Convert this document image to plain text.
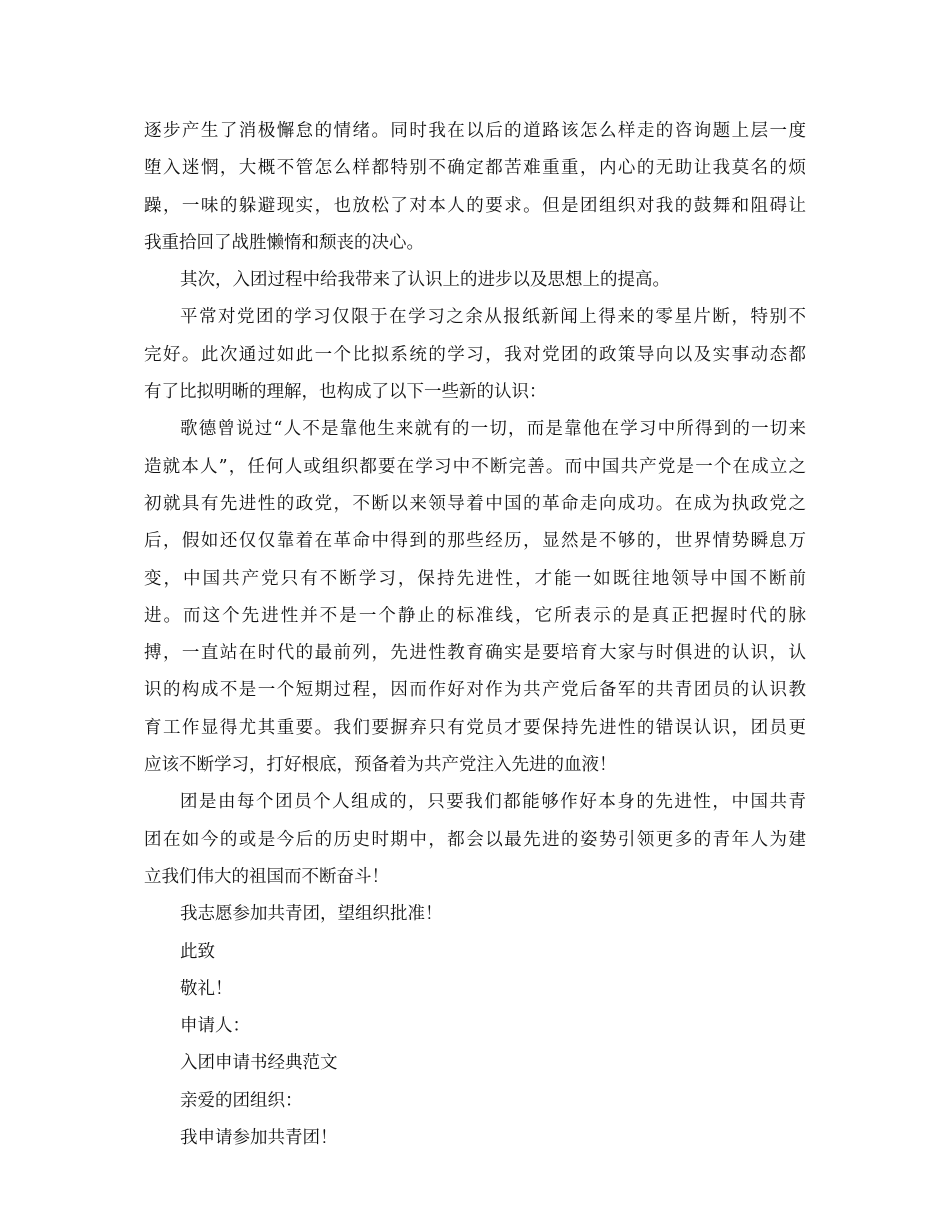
逐步产生了消极懈怠的情绪。同时我在以后的道路该怎么样走的咨询题上层一度
堕入迷惘，大概不管怎么样都特别不确定都苦难重重，内心的无助让我莫名的烦
躁，一味的躲避现实，也放松了对本人的要求。但是团组织对我的鼓舞和阻碍让
我重拾回了战胜懒惰和颓丧的决心。
其次，入团过程中给我带来了认识上的进步以及思想上的提高。
平常对党团的学习仅限于在学习之余从报纸新闻上得来的零星片断，特别不
完好。此次通过如此一个比拟系统的学习，我对党团的政策导向以及实事动态都
有了比拟明晰的理解，也构成了以下一些新的认识：
歌德曾说过“人不是靠他生来就有的一切，而是靠他在学习中所得到的一切来
造就本人”，任何人或组织都要在学习中不断完善。而中国共产党是一个在成立之
初就具有先进性的政党，不断以来领导着中国的革命走向成功。在成为执政党之
后，假如还仅仅靠着在革命中得到的那些经历，显然是不够的，世界情势瞬息万
变，中国共产党只有不断学习，保持先进性，才能一如既往地领导中国不断前
进。而这个先进性并不是一个静止的标准线，它所表示的是真正把握时代的脉
搏，一直站在时代的最前列，先进性教育确实是要培育大家与时俱进的认识，认
识的构成不是一个短期过程，因而作好对作为共产党后备军的共青团员的认识教
育工作显得尤其重要。我们要摒弃只有党员才要保持先进性的错误认识，团员更
应该不断学习，打好根底，预备着为共产党注入先进的血液！
团是由每个团员个人组成的，只要我们都能够作好本身的先进性，中国共青
团在如今的或是今后的历史时期中，都会以最先进的姿势引领更多的青年人为建
立我们伟大的祖国而不断奋斗！
我志愿参加共青团，望组织批准！
此致
敬礼！
申请人：
入团申请书经典范文
亲爱的团组织：
我申请参加共青团！
